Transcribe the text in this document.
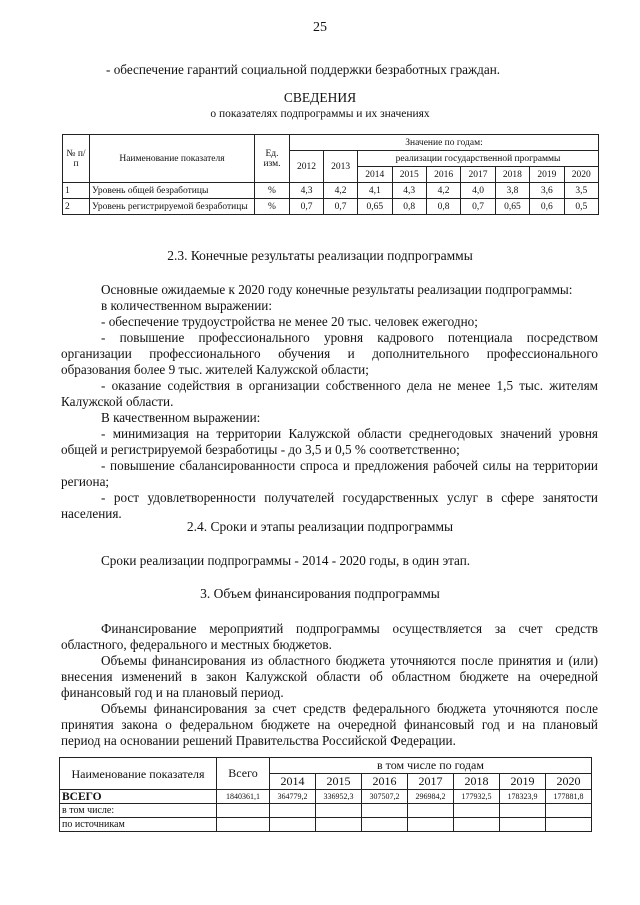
25
- обеспечение гарантий социальной поддержки безработных граждан.
СВЕДЕНИЯ
о показателях подпрограммы и их значениях
№ п/п	Наименование показателя	Ед. изм.	Значение по годам:								
			2012	2013	реализации государственной программы						
					2014	2015	2016	2017	2018	2019	2020
1	Уровень общей безработицы	%	4,3	4,2	4,1	4,3	4,2	4,0	3,8	3,6	3,5
2	Уровень регистрируемой безработицы	%	0,7	0,7	0,65	0,8	0,8	0,7	0,65	0,6	0,5
2.3. Конечные результаты реализации подпрограммы
Основные ожидаемые к 2020 году конечные результаты реализации подпрограммы:
в количественном выражении:
- обеспечение трудоустройства не менее 20 тыс. человек ежегодно;
- повышение профессионального уровня кадрового потенциала посредством
организации профессионального обучения и дополнительного профессионального
образования более 9 тыс. жителей Калужской области;
- оказание содействия в организации собственного дела не менее 1,5 тыс. жителям
Калужской области.
В качественном выражении:
- минимизация на территории Калужской области среднегодовых значений уровня
общей и регистрируемой безработицы - до 3,5 и 0,5 % соответственно;
- повышение сбалансированности спроса и предложения рабочей силы на территории
региона;
- рост удовлетворенности получателей государственных услуг в сфере занятости
населения.
2.4. Сроки и этапы реализации подпрограммы
Сроки реализации подпрограммы - 2014 - 2020 годы, в один этап.
3. Объем финансирования подпрограммы
Финансирование мероприятий подпрограммы осуществляется за счет средств
областного, федерального и местных бюджетов.
Объемы финансирования из областного бюджета уточняются после принятия и (или)
внесения изменений в закон Калужской области об областном бюджете на очередной
финансовый год и на плановый период.
Объемы финансирования за счет средств федерального бюджета уточняются после
принятия закона о федеральном бюджете на очередной финансовый год и на плановый
период на основании решений Правительства Российской Федерации.
Наименование показателя	Всего	в том числе по годам						
		2014	2015	2016	2017	2018	2019	2020
ВСЕГО	1840361,1	364779,2	336952,3	307507,2	296984,2	177932,5	178323,9	177881,8
в том числе:								
по источникам								
